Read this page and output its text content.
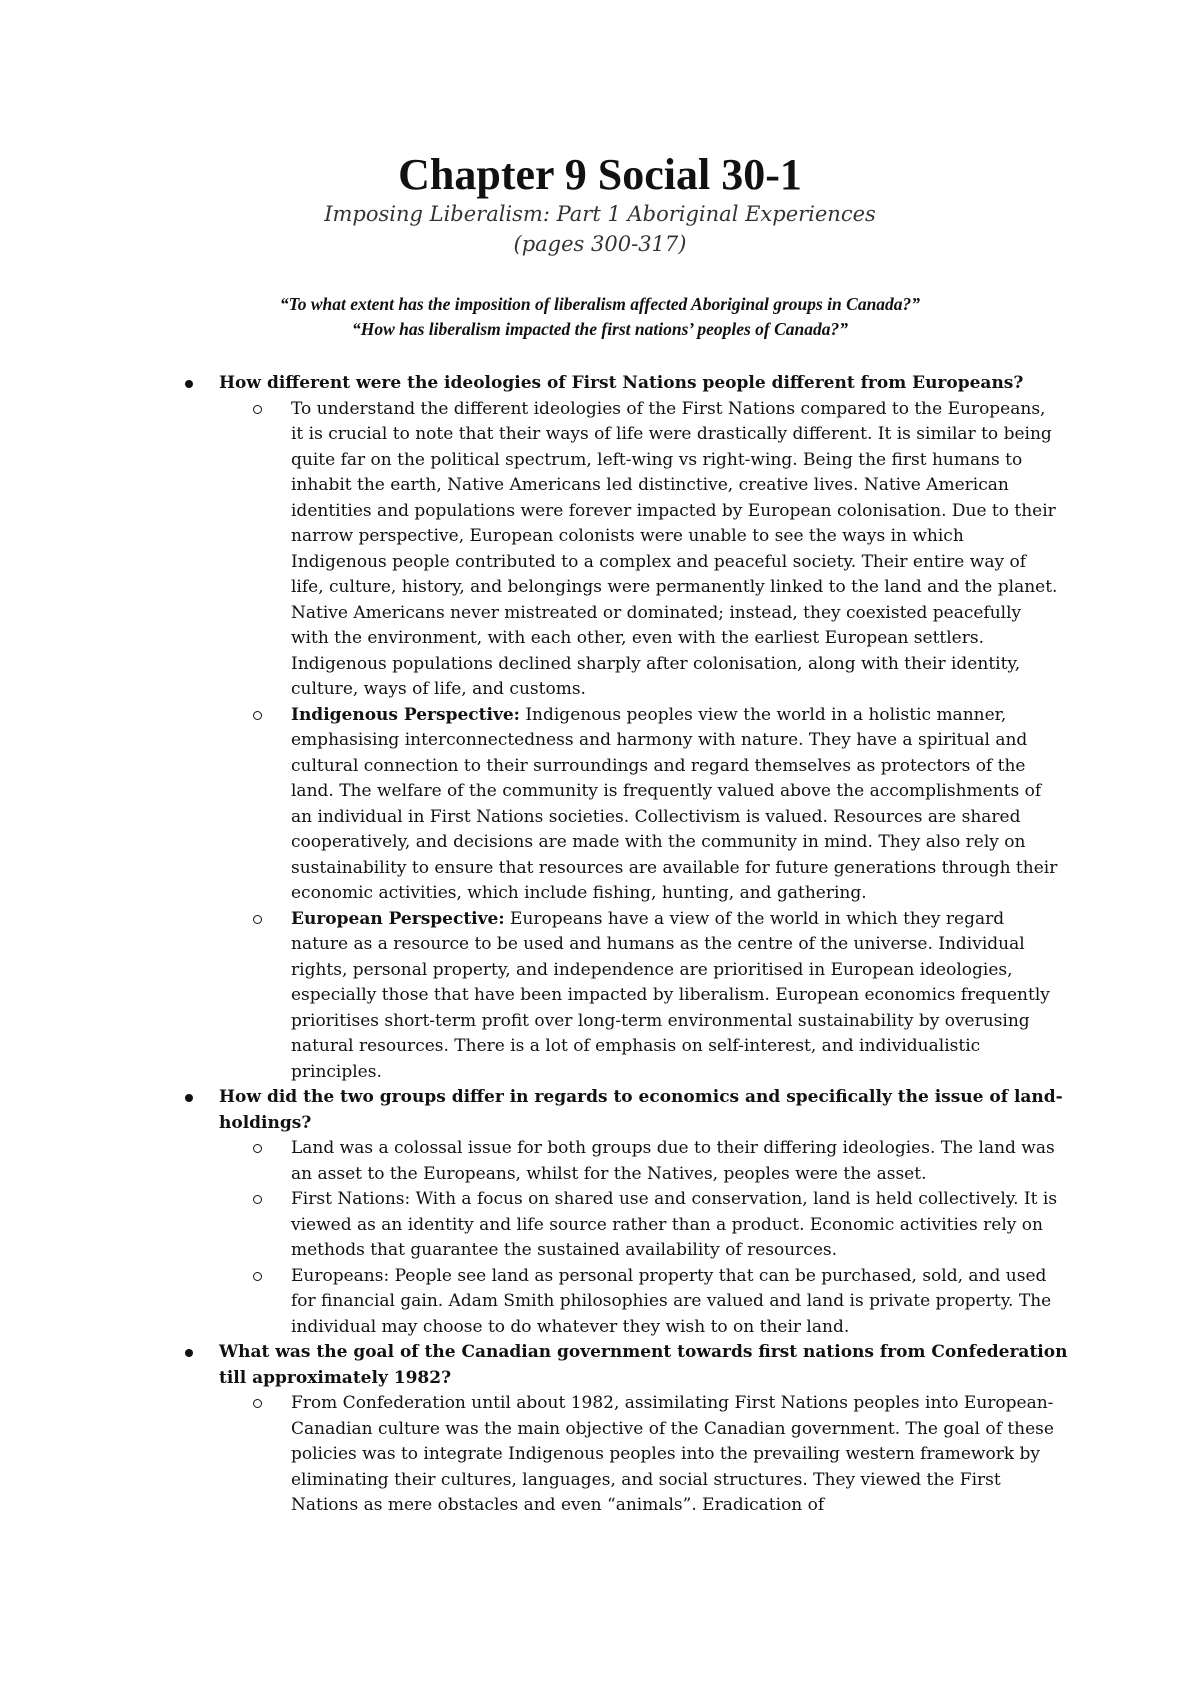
Chapter 9 Social 30-1
Imposing Liberalism: Part 1 Aboriginal Experiences
(pages 300-317)
“To what extent has the imposition of liberalism affected Aboriginal groups in Canada?”
“How has liberalism impacted the first nations’ peoples of Canada?”
How different were the ideologies of First Nations people different from Europeans?
To understand the different ideologies of the First Nations compared to the Europeans, it is crucial to note that their ways of life were drastically different. It is similar to being quite far on the political spectrum, left-wing vs right-wing. Being the first humans to inhabit the earth, Native Americans led distinctive, creative lives. Native American identities and populations were forever impacted by European colonisation. Due to their narrow perspective, European colonists were unable to see the ways in which Indigenous people contributed to a complex and peaceful society. Their entire way of life, culture, history, and belongings were permanently linked to the land and the planet. Native Americans never mistreated or dominated; instead, they coexisted peacefully with the environment, with each other, even with the earliest European settlers. Indigenous populations declined sharply after colonisation, along with their identity, culture, ways of life, and customs.
Indigenous Perspective: Indigenous peoples view the world in a holistic manner, emphasising interconnectedness and harmony with nature. They have a spiritual and cultural connection to their surroundings and regard themselves as protectors of the land. The welfare of the community is frequently valued above the accomplishments of an individual in First Nations societies. Collectivism is valued. Resources are shared cooperatively, and decisions are made with the community in mind. They also rely on sustainability to ensure that resources are available for future generations through their economic activities, which include fishing, hunting, and gathering.
European Perspective: Europeans have a view of the world in which they regard nature as a resource to be used and humans as the centre of the universe. Individual rights, personal property, and independence are prioritised in European ideologies, especially those that have been impacted by liberalism. European economics frequently prioritises short-term profit over long-term environmental sustainability by overusing natural resources. There is a lot of emphasis on self-interest, and individualistic principles.
How did the two groups differ in regards to economics and specifically the issue of land-holdings?
Land was a colossal issue for both groups due to their differing ideologies. The land was an asset to the Europeans, whilst for the Natives, peoples were the asset.
First Nations: With a focus on shared use and conservation, land is held collectively. It is viewed as an identity and life source rather than a product. Economic activities rely on methods that guarantee the sustained availability of resources.
Europeans: People see land as personal property that can be purchased, sold, and used for financial gain. Adam Smith philosophies are valued and land is private property. The individual may choose to do whatever they wish to on their land.
What was the goal of the Canadian government towards first nations from Confederation till approximately 1982?
From Confederation until about 1982, assimilating First Nations peoples into European-Canadian culture was the main objective of the Canadian government. The goal of these policies was to integrate Indigenous peoples into the prevailing western framework by eliminating their cultures, languages, and social structures. They viewed the First Nations as mere obstacles and even “animals”. Eradication of
